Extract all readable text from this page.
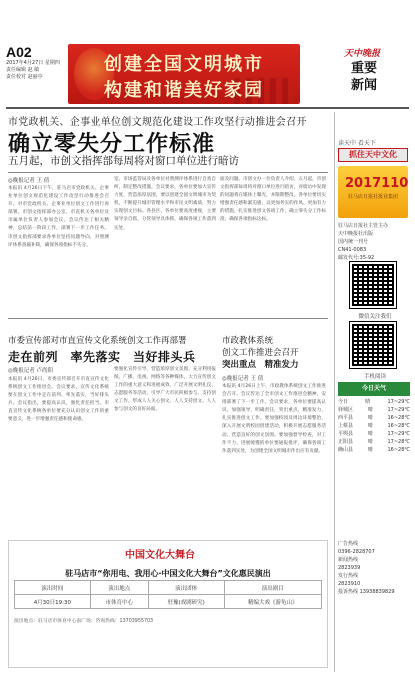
A02
2017年4月27日 星期四
责任编辑 赵 敏
责任校对 赵丽亭
创建全国文明城市
构建和谐美好家园
天中晚报
重要
新闻
市党政机关、企事业单位创文规范化建设工作攻坚行动推进会召开
确立零失分工作标准
五月起，市创文指挥部每周将对窗口单位进行暗访
◎晚报记者 王 倩
本报讯 4月26日下午，驻马店市党政机关、企事业单位创文规范化建设工作攻坚行动推进会召开。对市党政机关、企事业单位创文工作进行再部署。市创文指挥部办公室、市直机关各单位及市属单位负责人参加会议。会议传达了相关精神，总结前一阶段工作，部署下一步工作任务。市创文指挥部要求各单位坚持问题导向，对照测评体系查漏补缺，确保各项指标不失分。
室、市场监管局及各单位对照测评体系进行自查自纠，制定整改措施。会议要求，各单位要加大宣传力度，营造浓厚氛围，要以创建全国文明城市为契机，不断提升城市管理水平和市民文明素质，努力实现创文目标。各县区、各单位要高度重视，主要领导亲自抓，分管领导具体抓，确保各项工作落到实处。
面及问题。市创文办一位负责人介绍，五月起，市创文指挥部每周将对窗口单位进行暗访，对暗访中发现的问题将在媒体上曝光，并限期整改。各单位要切实增强责任感和紧迫感，以更加务实的作风、更加有力的措施，扎实推进创文各项工作，确立零失分工作标准，确保各项指标达标。
市委宣传部对市直宣传文化系统创文工作再部署
走在前列　率先落实　当好排头兵
◎晚报记者 卢尚阳
本报讯 4月26日，市委宣传部召开市直宣传文化系统创文工作推进会。会议要求，宣传文化系统要在创文工作中走在前列、率先落实，当好排头兵。会议指出，要提高认识，强化责任担当。市直宣传文化系统各单位要充分认识创文工作的重要意义，进一步增强责任感和使命感。
要强化宣传引导，营造浓厚创文氛围。充分利用报纸、广播、电视、网络等各种媒体，大力宣传创文工作的重大意义和进展成效，广泛开展文明礼仪、志愿服务等活动，引导广大市民积极参与、支持创文工作，形成人人关心创文、人人支持创文、人人参与创文的良好局面。
市政教体系统
创文工作推进会召开
突出重点　精准发力
◎晚报记者 王 倩
本报讯 4月26日上午，市政教体系统创文工作推进会召开。会议传达了全市创文工作推进会精神，安排部署了下一步工作。会议要求，各单位要提高认识，加强领导，明确责任，突出重点，精准发力，扎实推进创文工作。要加强校园及周边环境整治，深入开展文明校园创建活动，积极开展志愿服务活动，营造良好的创文氛围。要加强督导检查，对工作不力、进展缓慢的单位要通报批评，确保各项工作落到实处，为创建全国文明城市作出应有贡献。
中国文化大舞台
驻马店市“你用电、我用心·中国文化大舞台”文化惠民演出
演出时间	演出地点	演出团体	演出剧目
4月30日19:30	市体育中心	驻豫(戏剧研究)	精编大戏《游龟山》
演出地点：驻马店市体育中心南广场；咨询热线：13703955703
读天中 看天下
抓住天中文化
2017110
驻马店日报社报业集团
驻马店日报社主管主办
天中晚报社出版
国内统一刊号
CN41-0083
邮发代号:35-92
微信关注我们
手机阅读
今日天气
今日	晴	17~29℃
驿城区	晴	17~29℃
西平县	晴	16~28℃
上蔡县	晴	16~28℃
平舆县	晴	17~29℃
正阳县	晴	17~28℃
确山县	晴	16~28℃
广告热线
0396-2828707
新闻热线
2823939
发行热线
2823910
投诉热线 13938839829
